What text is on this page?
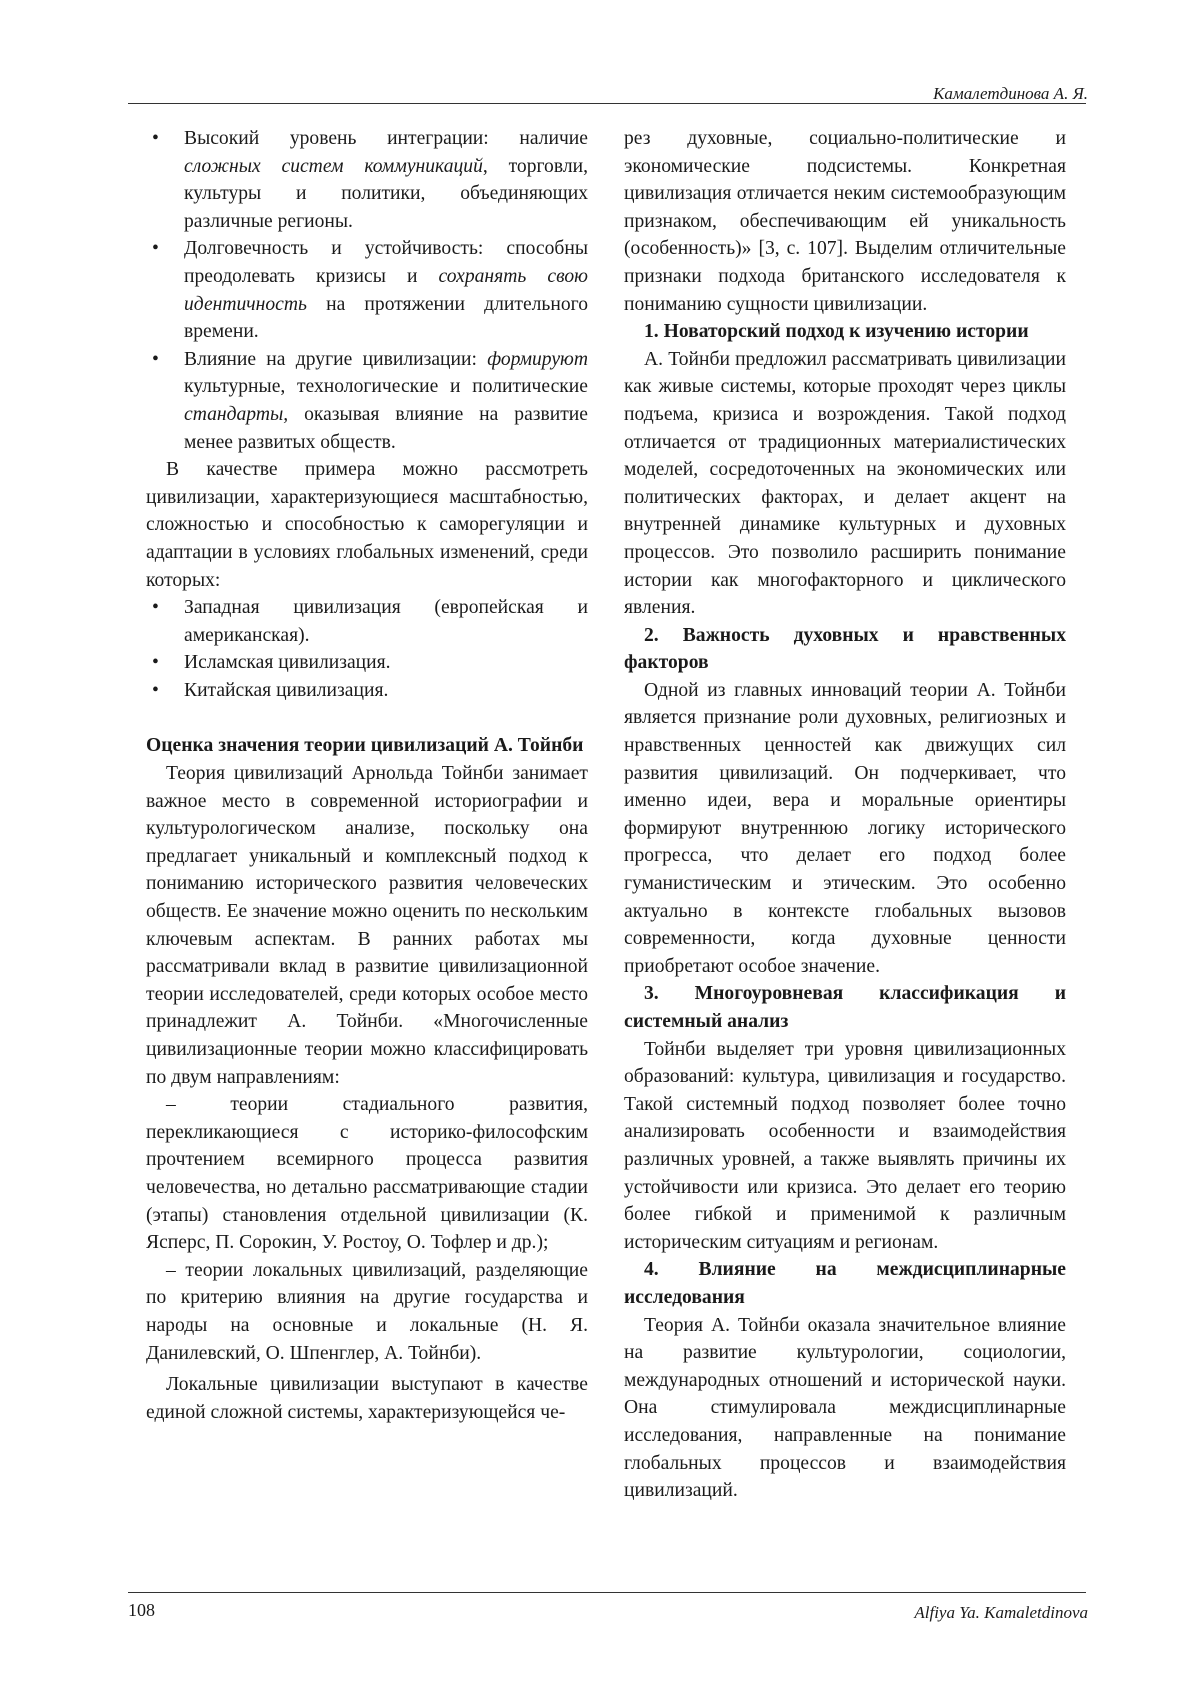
Камалетдинова А. Я.
• Высокий уровень интеграции: наличие сложных систем коммуникаций, торговли, культуры и политики, объединяющих различные регионы.
• Долговечность и устойчивость: способны преодолевать кризисы и сохранять свою идентичность на протяжении длительного времени.
• Влияние на другие цивилизации: формируют культурные, технологические и политические стандарты, оказывая влияние на развитие менее развитых обществ.

В качестве примера можно рассмотреть цивилизации, характеризующиеся масштабностью, сложностью и способностью к саморегуляции и адаптации в условиях глобальных изменений, среди которых:

• Западная цивилизация (европейская и американская).
• Исламская цивилизация.
• Китайская цивилизация.

Оценка значения теории цивилизаций А. Тойнби

Теория цивилизаций Арнольда Тойнби занимает важное место в современной историографии и культурологическом анализе, поскольку она предлагает уникальный и комплексный подход к пониманию исторического развития человеческих обществ. Ее значение можно оценить по нескольким ключевым аспектам. В ранних работах мы рассматривали вклад в развитие цивилизационной теории исследователей, среди которых особое место принадлежит А. Тойнби. «Многочисленные цивилизационные теории можно классифицировать по двум направлениям:

– теории стадиального развития, перекликающиеся с историко-философским прочтением всемирного процесса развития человечества, но детально рассматривающие стадии (этапы) становления отдельной цивилизации (К. Ясперс, П. Сорокин, У. Ростоу, О. Тофлер и др.);

– теории локальных цивилизаций, разделяющие по критерию влияния на другие государства и народы на основные и локальные (Н. Я. Данилевский, О. Шпенглер, А. Тойнби).

Локальные цивилизации выступают в качестве единой сложной системы, характеризующейся че-

рез духовные, социально-политические и экономические подсистемы. Конкретная цивилизация отличается неким системообразующим признаком, обеспечивающим ей уникальность (особенность)» [3, с. 107]. Выделим отличительные признаки подхода британского исследователя к пониманию сущности цивилизации.

1. Новаторский подход к изучению истории

А. Тойнби предложил рассматривать цивилизации как живые системы, которые проходят через циклы подъема, кризиса и возрождения. Такой подход отличается от традиционных материалистических моделей, сосредоточенных на экономических или политических факторах, и делает акцент на внутренней динамике культурных и духовных процессов. Это позволило расширить понимание истории как многофакторного и циклического явления.

2. Важность духовных и нравственных факторов

Одной из главных инноваций теории А. Тойнби является признание роли духовных, религиозных и нравственных ценностей как движущих сил развития цивилизаций. Он подчеркивает, что именно идеи, вера и моральные ориентиры формируют внутреннюю логику исторического прогресса, что делает его подход более гуманистическим и этическим. Это особенно актуально в контексте глобальных вызовов современности, когда духовные ценности приобретают особое значение.

3. Многоуровневая классификация и системный анализ

Тойнби выделяет три уровня цивилизационных образований: культура, цивилизация и государство. Такой системный подход позволяет более точно анализировать особенности и взаимодействия различных уровней, а также выявлять причины их устойчивости или кризиса. Это делает его теорию более гибкой и применимой к различным историческим ситуациям и регионам.

4. Влияние на междисциплинарные исследования

Теория А. Тойнби оказала значительное влияние на развитие культурологии, социологии, международных отношений и исторической науки. Она стимулировала междисциплинарные исследования, направленные на понимание глобальных процессов и взаимодействия цивилизаций.

108	Alfiya Ya. Kamaletdinova
